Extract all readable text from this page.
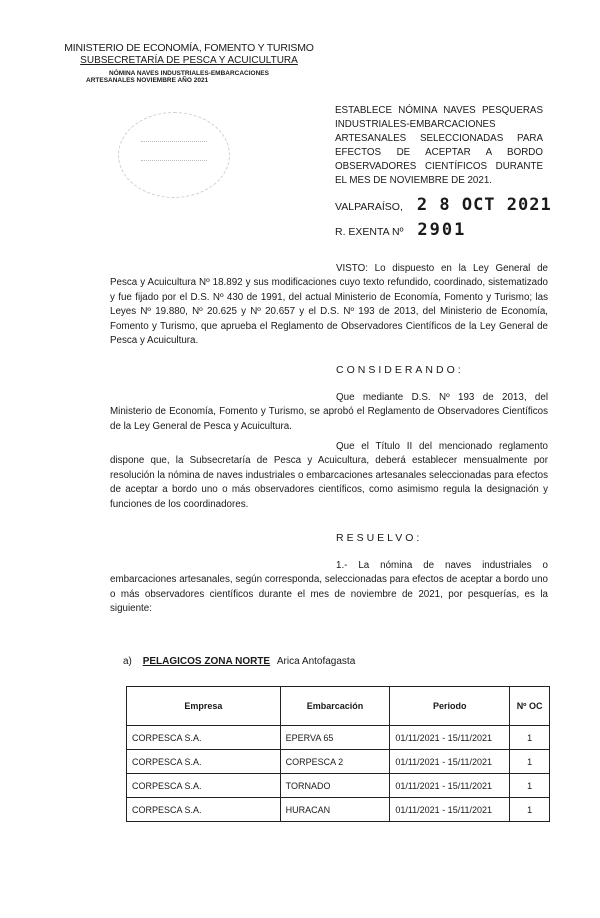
MINISTERIO DE ECONOMÍA, FOMENTO Y TURISMO
SUBSECRETARÍA DE PESCA Y ACUICULTURA
NÓMINA NAVES INDUSTRIALES-EMBARCACIONES
ARTESANALES NOVIEMBRE AÑO 2021
ESTABLECE NÓMINA NAVES PESQUERAS INDUSTRIALES-EMBARCACIONES ARTESANALES SELECCIONADAS PARA EFECTOS DE ACEPTAR A BORDO OBSERVADORES CIENTÍFICOS DURANTE EL MES DE NOVIEMBRE DE 2021.
VALPARAÍSO, 2 8 OCT 2021
R. EXENTA Nº 2901
VISTO: Lo dispuesto en la Ley General de Pesca y Acuicultura Nº 18.892 y sus modificaciones cuyo texto refundido, coordinado, sistematizado y fue fijado por el D.S. Nº 430 de 1991, del actual Ministerio de Economía, Fomento y Turismo; las Leyes Nº 19.880, Nº 20.625 y Nº 20.657 y el D.S. Nº 193 de 2013, del Ministerio de Economía, Fomento y Turismo, que aprueba el Reglamento de Observadores Científicos de la Ley General de Pesca y Acuicultura.
CONSIDERANDO:
Que mediante D.S. Nº 193 de 2013, del Ministerio de Economía, Fomento y Turismo, se aprobó el Reglamento de Observadores Científicos de la Ley General de Pesca y Acuicultura.
Que el Título II del mencionado reglamento dispone que, la Subsecretaría de Pesca y Acuicultura, deberá establecer mensualmente por resolución la nómina de naves industriales o embarcaciones artesanales seleccionadas para efectos de aceptar a bordo uno o más observadores científicos, como asimismo regula la designación y funciones de los coordinadores.
RESUELVO:
1.- La nómina de naves industriales o embarcaciones artesanales, según corresponda, seleccionadas para efectos de aceptar a bordo uno o más observadores científicos durante el mes de noviembre de 2021, por pesquerías, es la siguiente:
a) PELAGICOS ZONA NORTE Arica Antofagasta
Empresa	Embarcación	Periodo	Nº OC
CORPESCA S.A.	EPERVA 65	01/11/2021 - 15/11/2021	1
CORPESCA S.A.	CORPESCA 2	01/11/2021 - 15/11/2021	1
CORPESCA S.A.	TORNADO	01/11/2021 - 15/11/2021	1
CORPESCA S.A.	HURACAN	01/11/2021 - 15/11/2021	1
